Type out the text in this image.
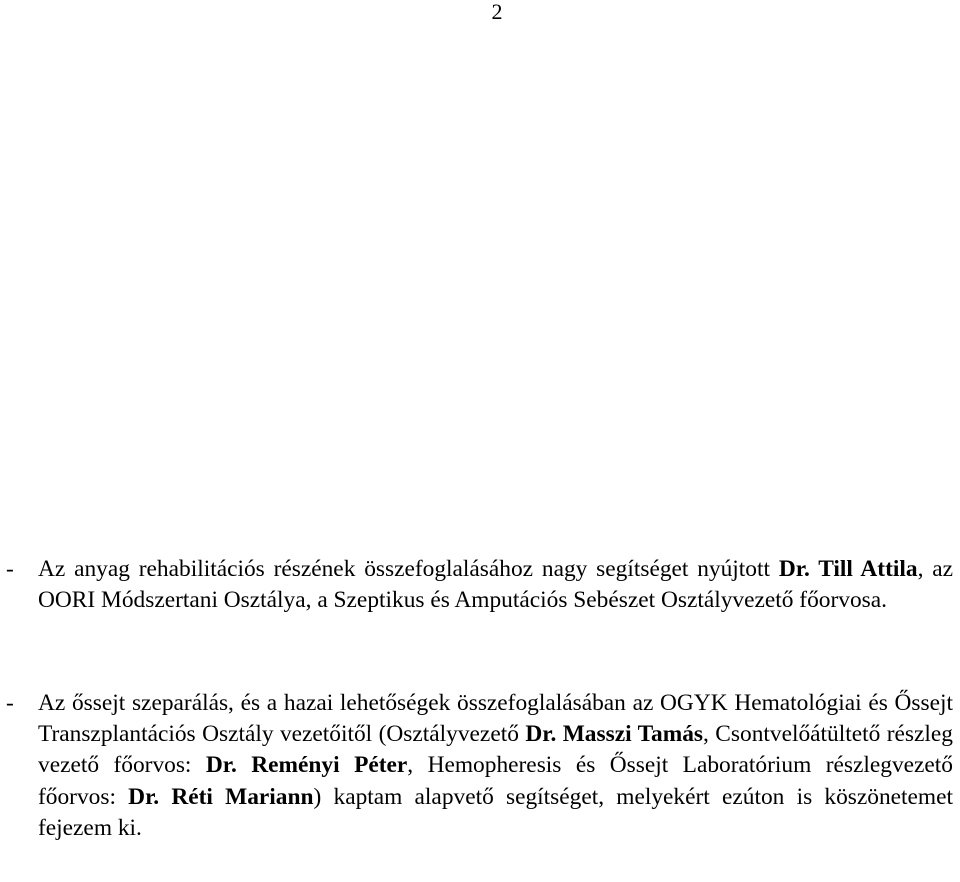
2
- Az anyag rehabilitációs részének összefoglalásához nagy segítséget nyújtott Dr. Till Attila, az OORI Módszertani Osztálya, a Szeptikus és Amputációs Sebészet Osztályvezető főorvosa.
- Az őssejt szeparálás, és a hazai lehetőségek összefoglalásában az OGYK Hematológiai és Őssejt Transzplantációs Osztály vezetőitől (Osztályvezető Dr. Masszi Tamás, Csontvelőátültető részleg vezető főorvos: Dr. Reményi Péter, Hemopheresis és Őssejt Laboratórium részlegvezető főorvos: Dr. Réti Mariann) kaptam alapvető segítséget, melyekért ezúton is köszönetemet fejezem ki.
